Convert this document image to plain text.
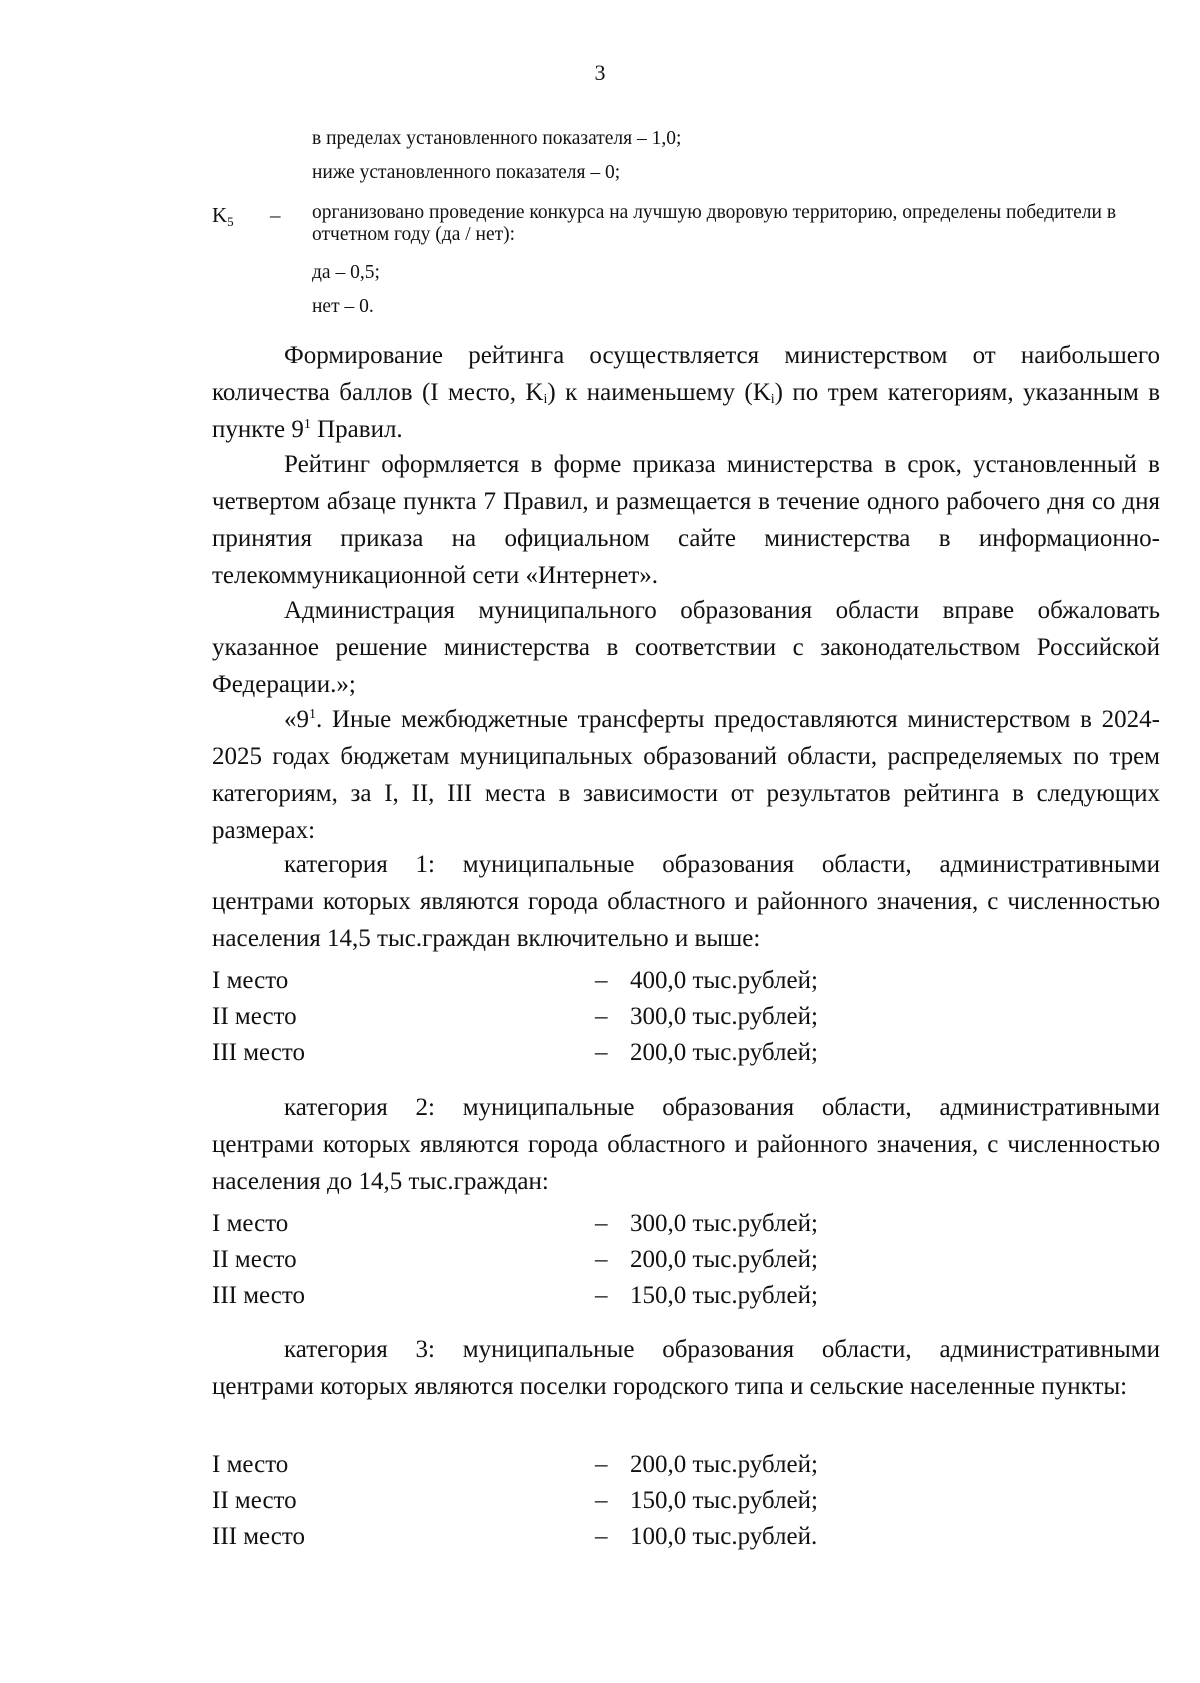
3
в пределах установленного показателя – 1,0;
ниже установленного показателя – 0;
$K_5$ – организовано проведение конкурса на лучшую дворовую территорию, определены победители в отчетном году (да / нет):
да – 0,5;
нет – 0.
Формирование рейтинга осуществляется министерством от наибольшего количества баллов (I место, $K_i$) к наименьшему $(K_i)$ по трем категориям, указанным в пункте $9^1$ Правил.
Рейтинг оформляется в форме приказа министерства в срок, установленный в четвертом абзаце пункта 7 Правил, и размещается в течение одного рабочего дня со дня принятия приказа на официальном сайте министерства в информационно-телекоммуникационной сети «Интернет».
Администрация муниципального образования области вправе обжаловать указанное решение министерства в соответствии с законодательством Российской Федерации.»;
«$9^1$. Иные межбюджетные трансферты предоставляются министерством в 2024-2025 годах бюджетам муниципальных образований области, распределяемых по трем категориям, за I, II, III места в зависимости от результатов рейтинга в следующих размерах:
категория 1: муниципальные образования области, административными центрами которых являются города областного и районного значения, с численностью населения 14,5 тыс.граждан включительно и выше:
I место	– 400,0 тыс.рублей;
II место	– 300,0 тыс.рублей;
III место	– 200,0 тыс.рублей;
категория 2: муниципальные образования области, административными центрами которых являются города областного и районного значения, с численностью населения до 14,5 тыс.граждан:
I место	– 300,0 тыс.рублей;
II место	– 200,0 тыс.рублей;
III место	– 150,0 тыс.рублей;
категория 3: муниципальные образования области, административными центрами которых являются поселки городского типа и сельские населенные пункты:
I место	– 200,0 тыс.рублей;
II место	– 150,0 тыс.рублей;
III место	– 100,0 тыс.рублей.
